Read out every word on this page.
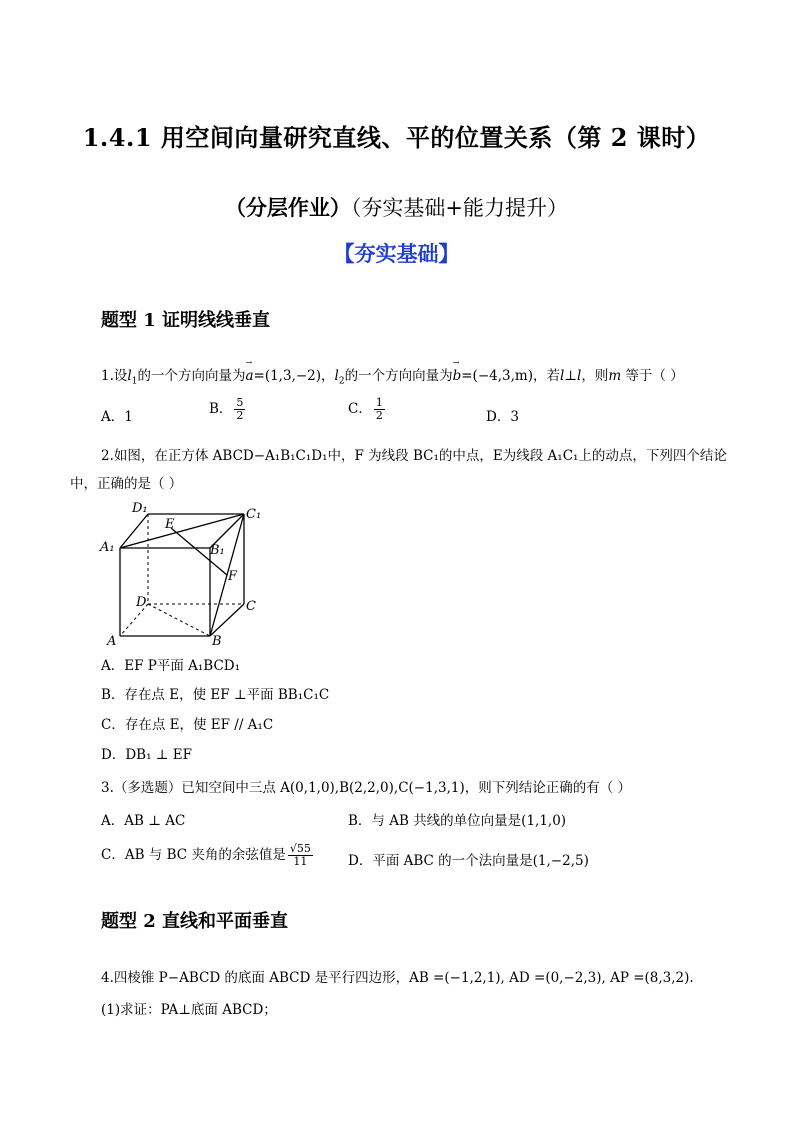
1.4.1 用空间向量研究直线、平的位置关系（第 2 课时）
（分层作业）（夯实基础+能力提升）
【夯实基础】
题型 1 证明线线垂直
1.设$l_1$的一个方向向量为→ a=(1,3,−2)，$l_2$的一个方向向量为→ b=(−4,3,m)，若l⊥l，则m 等于（ ）
A．1	B． $\frac{5}{2}$	C． $\frac{1}{2}$	D．3
2.如图，在正方体 ABCD−A₁B₁C₁D₁中，F 为线段 BC₁的中点，E为线段 A₁C₁上的动点，下列四个结论
中，正确的是（ ）
D₁	C₁
A₁	B₁
E
F
D	C
A	B
A．EF P平面 A₁BCD₁
B．存在点 E，使 EF ⊥平面 BB₁C₁C
C．存在点 E，使 EF // A₁C
D．DB₁ ⊥ EF
3.（多选题）已知空间中三点 A(0,1,0),B(2,2,0),C(−1,3,1)，则下列结论正确的有（ ）
A．AB ⊥ AC	B．与 AB 共线的单位向量是(1,1,0)
C．AB 与 BC 夹角的余弦值是 $\frac{√55}{11}$	D．平面 ABC 的一个法向量是(1,−2,5)
题型 2 直线和平面垂直
4.四棱锥 P−ABCD 的底面 ABCD 是平行四边形，AB =(−1,2,1), AD =(0,−2,3), AP =(8,3,2).
(1)求证：PA⊥底面 ABCD；
